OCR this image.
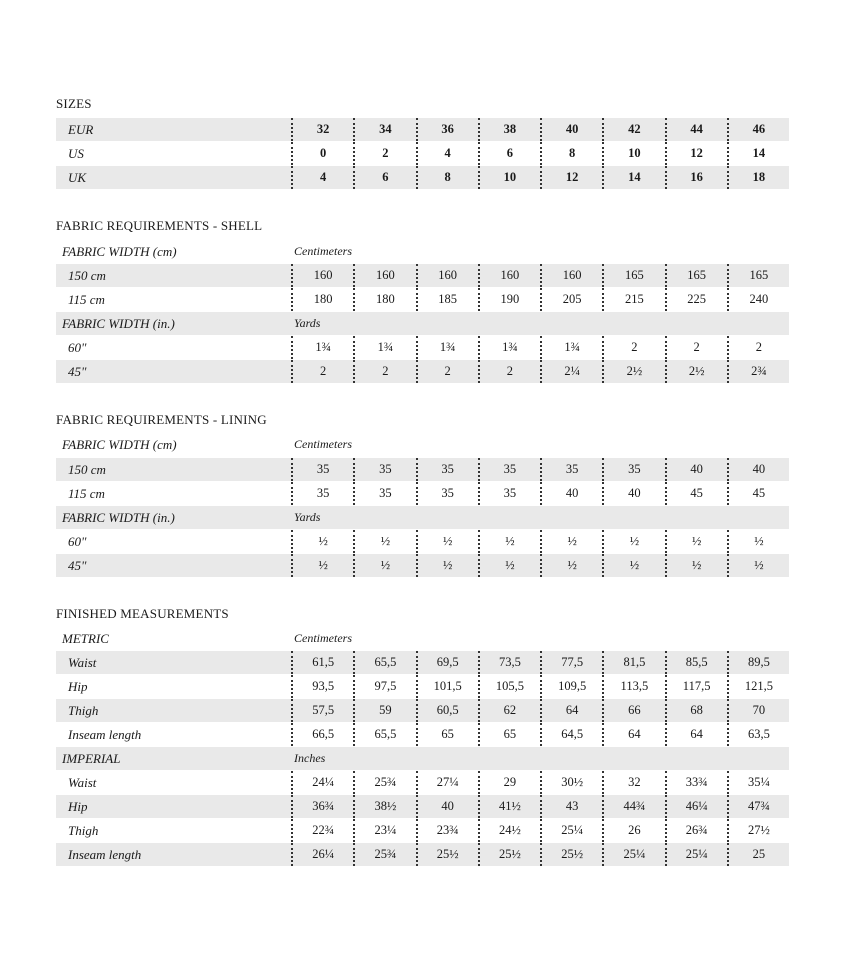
SIZES
EUR	32	34	36	38	40	42	44	46
US	0	2	4	6	8	10	12	14
UK	4	6	8	10	12	14	16	18
FABRIC REQUIREMENTS - SHELL
FABRIC WIDTH (cm)	Centimeters
150 cm	160	160	160	160	160	165	165	165
115 cm	180	180	185	190	205	215	225	240
FABRIC WIDTH (in.)	Yards
60"	1¾	1¾	1¾	1¾	1¾	2	2	2
45"	2	2	2	2	2¼	2½	2½	2¾
FABRIC REQUIREMENTS - LINING
FABRIC WIDTH (cm)	Centimeters
150 cm	35	35	35	35	35	35	40	40
115 cm	35	35	35	35	40	40	45	45
FABRIC WIDTH (in.)	Yards
60"	½	½	½	½	½	½	½	½
45"	½	½	½	½	½	½	½	½
FINISHED MEASUREMENTS
METRIC	Centimeters
Waist	61,5	65,5	69,5	73,5	77,5	81,5	85,5	89,5
Hip	93,5	97,5	101,5	105,5	109,5	113,5	117,5	121,5
Thigh	57,5	59	60,5	62	64	66	68	70
Inseam length	66,5	65,5	65	65	64,5	64	64	63,5
IMPERIAL	Inches
Waist	24¼	25¾	27¼	29	30½	32	33¾	35¼
Hip	36¾	38½	40	41½	43	44¾	46¼	47¾
Thigh	22¾	23¼	23¾	24½	25¼	26	26¾	27½
Inseam length	26¼	25¾	25½	25½	25½	25¼	25¼	25
